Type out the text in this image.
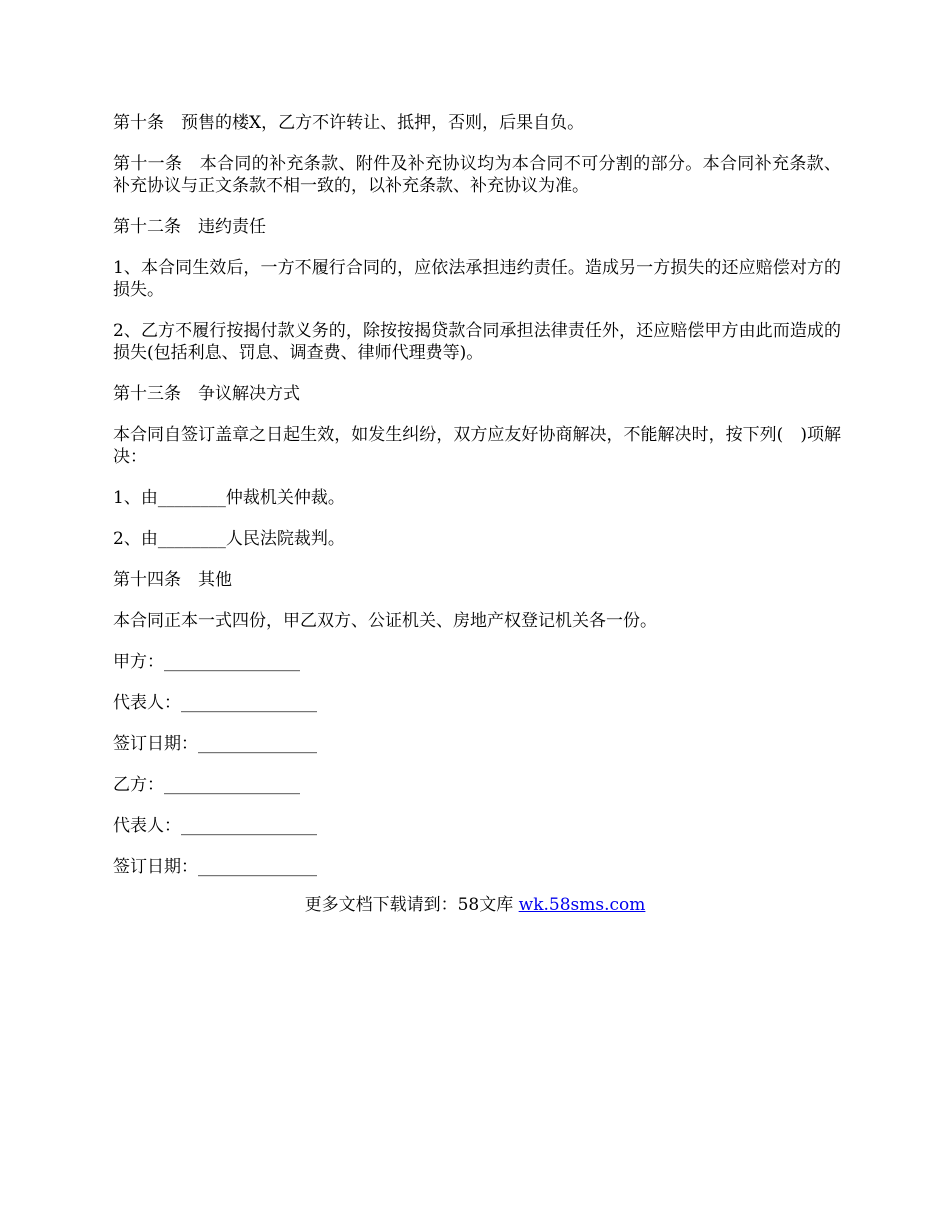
第十条　预售的楼X，乙方不许转让、抵押，否则，后果自负。

第十一条　本合同的补充条款、附件及补充协议均为本合同不可分割的部分。本合同补充条款、补充协议与正文条款不相一致的，以补充条款、补充协议为准。

第十二条　违约责任

1、本合同生效后，一方不履行合同的，应依法承担违约责任。造成另一方损失的还应赔偿对方的损失。

2、乙方不履行按揭付款义务的，除按按揭贷款合同承担法律责任外，还应赔偿甲方由此而造成的损失(包括利息、罚息、调查费、律师代理费等)。

第十三条　争议解决方式

本合同自签订盖章之日起生效，如发生纠纷，双方应友好协商解决，不能解决时，按下列(　)项解决：

1、由________仲裁机关仲裁。

2、由________人民法院裁判。

第十四条　其他

本合同正本一式四份，甲乙双方、公证机关、房地产权登记机关各一份。

甲方：________________

代表人：________________

签订日期：______________

乙方：________________

代表人：________________

签订日期：______________

更多文档下载请到：58文库 wk.58sms.com
